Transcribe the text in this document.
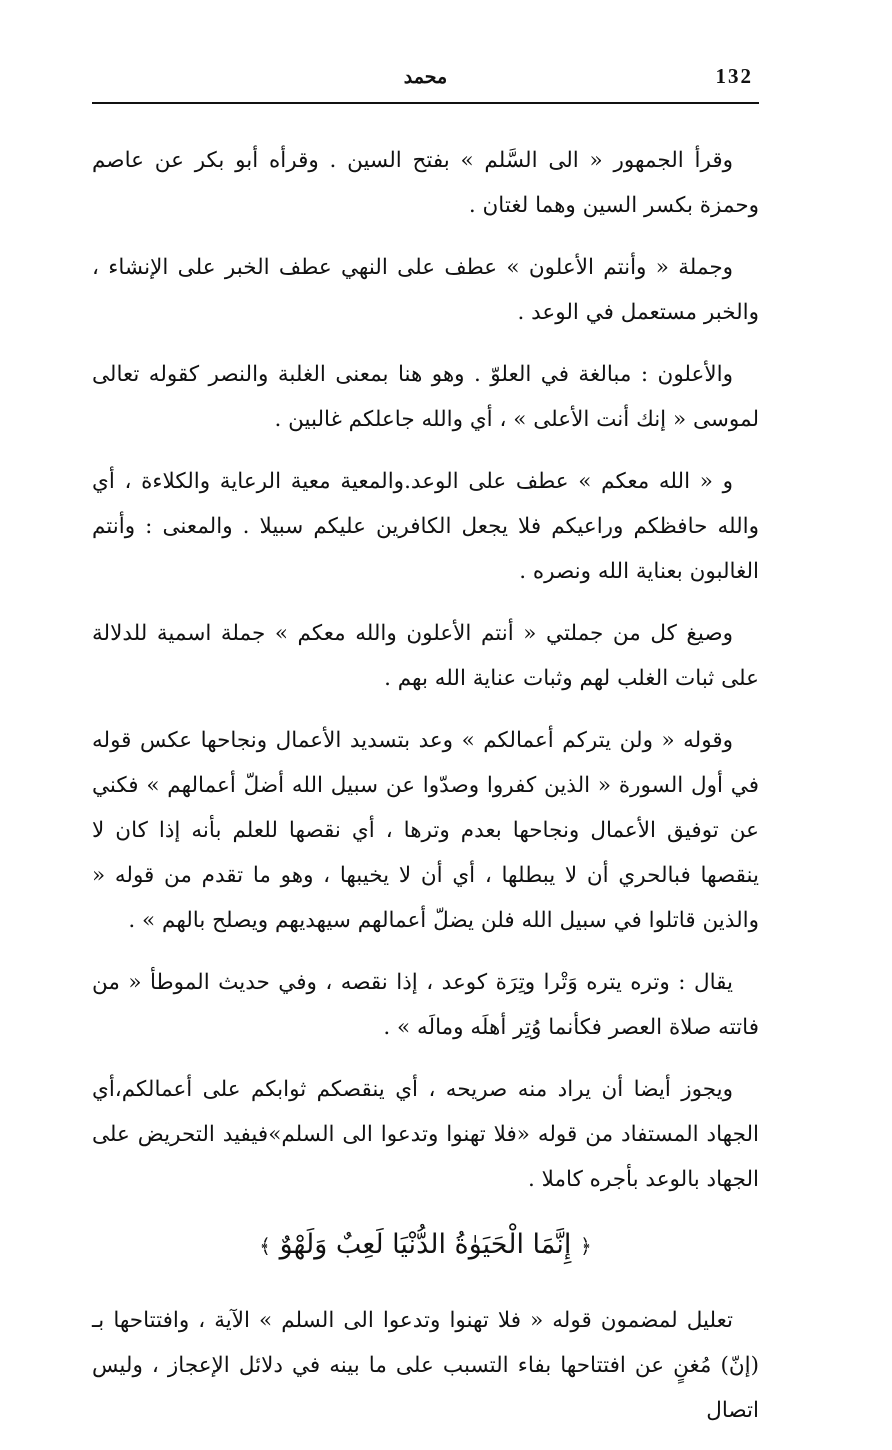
132
محمد

وقرأ الجمهور « الى السَّلم » بفتح السين . وقرأه أبو بكر عن عاصم وحمزة بكسر السين وهما لغتان .

وجملة « وأنتم الأعلون » عطف على النهي عطف الخبر على الإنشاء ، والخبر مستعمل في الوعد .

والأعلون : مبالغة في العلوّ . وهو هنا بمعنى الغلبة والنصر كقوله تعالى لموسى « إنك أنت الأعلى » ، أي والله جاعلكم غالبين .

و « الله معكم » عطف على الوعد.والمعية معية الرعاية والكلاءة ، أي والله حافظكم وراعيكم فلا يجعل الكافرين عليكم سبيلا . والمعنى : وأنتم الغالبون بعناية الله ونصره .

وصيغ كل من جملتي « أنتم الأعلون والله معكم » جملة اسمية للدلالة على ثبات الغلب لهم وثبات عناية الله بهم .

وقوله « ولن يتركم أعمالكم » وعد بتسديد الأعمال ونجاحها عكس قوله في أول السورة « الذين كفروا وصدّوا عن سبيل الله أضلّ أعمالهم » فكني عن توفيق الأعمال ونجاحها بعدم وترها ، أي نقصها للعلم بأنه إذا كان لا ينقصها فبالحري أن لا يبطلها ، أي أن لا يخيبها ، وهو ما تقدم من قوله « والذين قاتلوا في سبيل الله فلن يضلّ أعمالهم سيهديهم ويصلح بالهم » .

يقال : وتره يتره وَتْرا وتِرَة كوعد ، إذا نقصه ، وفي حديث الموطأ « من فاتته صلاة العصر فكأنما وُتِر أهلَه ومالَه » .

ويجوز أيضا أن يراد منه صريحه ، أي ينقصكم ثوابكم على أعمالكم،أي الجهاد المستفاد من قوله «فلا تهنوا وتدعوا الى السلم»فيفيد التحريض على الجهاد بالوعد بأجره كاملا .

﴿ إِنَّمَا الْحَيَوٰةُ الدُّنْيَا لَعِبٌ وَلَهْوٌ ﴾

تعليل لمضمون قوله « فلا تهنوا وتدعوا الى السلم » الآية ، وافتتاحها بـ (إنّ) مُغنٍ عن افتتاحها بفاء التسبب على ما بينه في دلائل الإعجاز ، وليس اتصال
